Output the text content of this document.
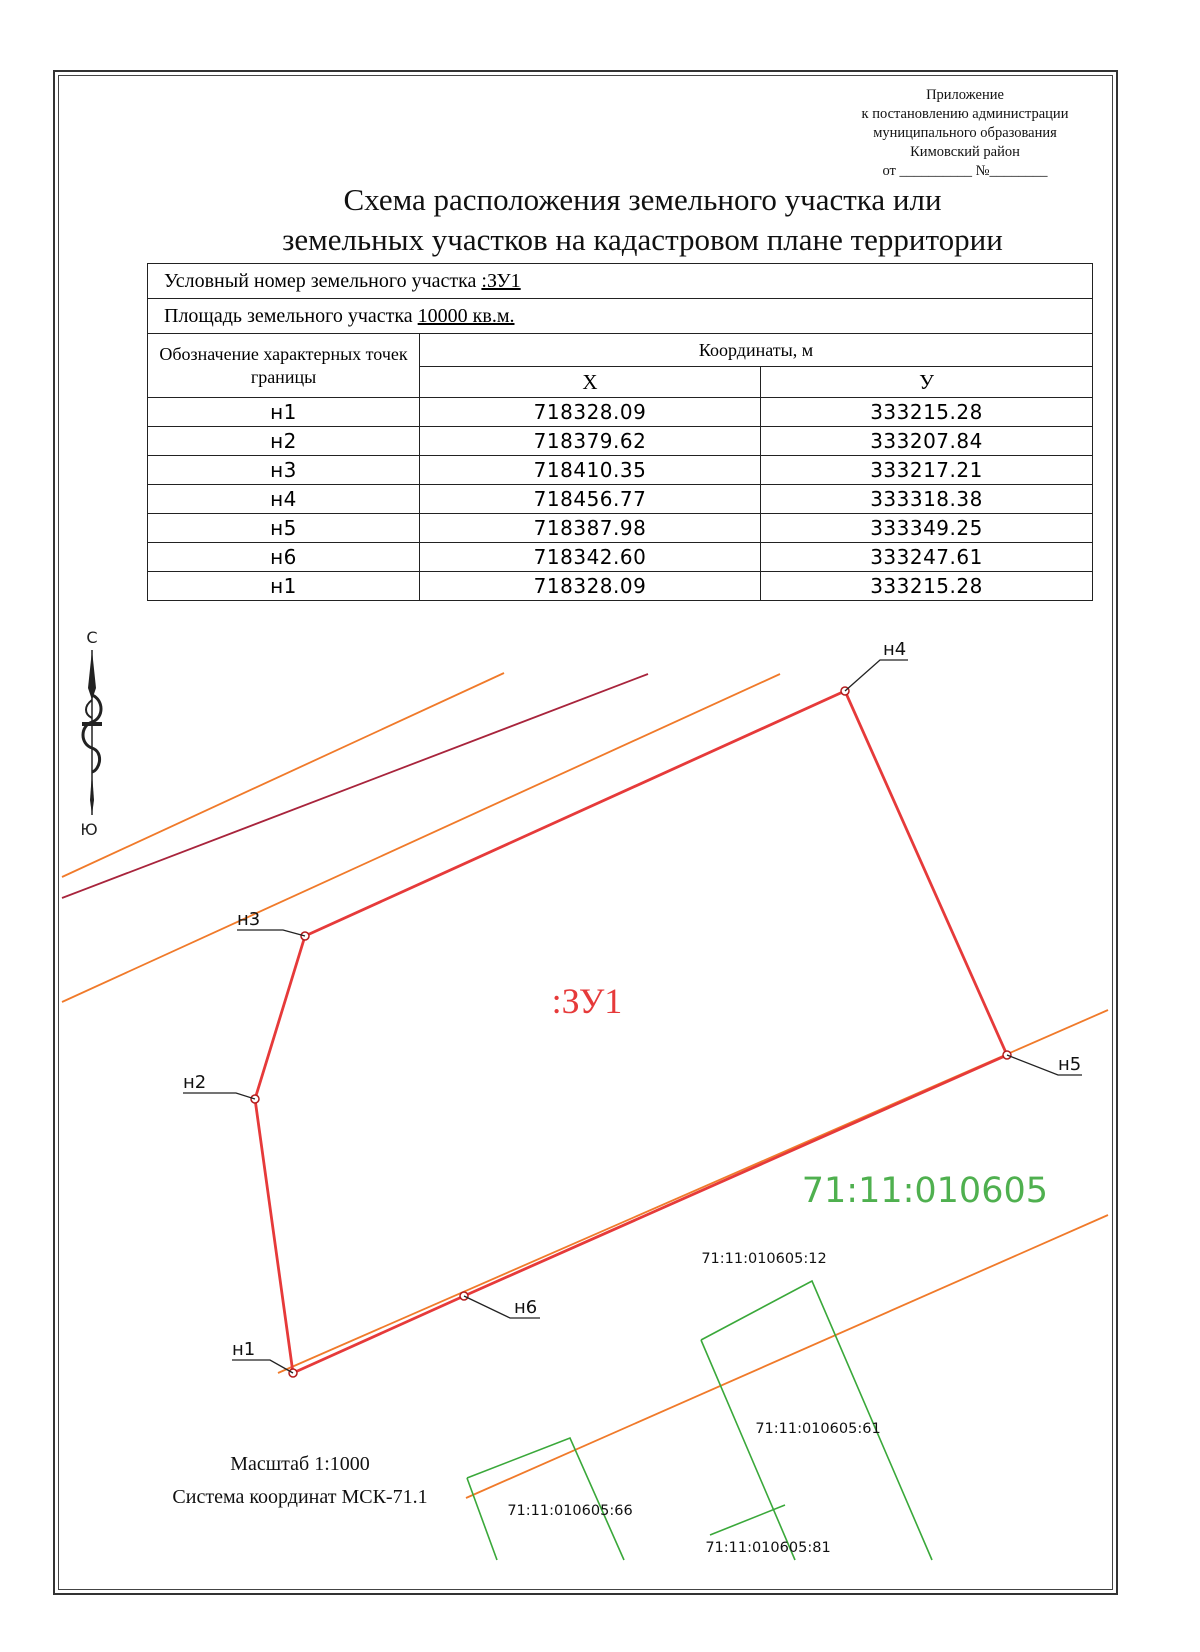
Приложение
к постановлению администрации
муниципального образования
Кимовский район
от __________ №________
Схема расположения земельного участка или
земельных участков на кадастровом плане территории
Условный номер земельного участка :ЗУ1		
Площадь земельного участка 10000 кв.м.		
Обозначение характерных точек границы	Координаты, м	
	X	У
н1	718328.09	333215.28
н2	718379.62	333207.84
н3	718410.35	333217.21
н4	718456.77	333318.38
н5	718387.98	333349.25
н6	718342.60	333247.61
н1	718328.09	333215.28
С
Ю
71:11:010605
71:11:010605:12
71:11:010605:61
71:11:010605:66
71:11:010605:81
н1
н2
н3
н4
н5
н6
:ЗУ1
Масштаб 1:1000
Система координат МСК-71.1
